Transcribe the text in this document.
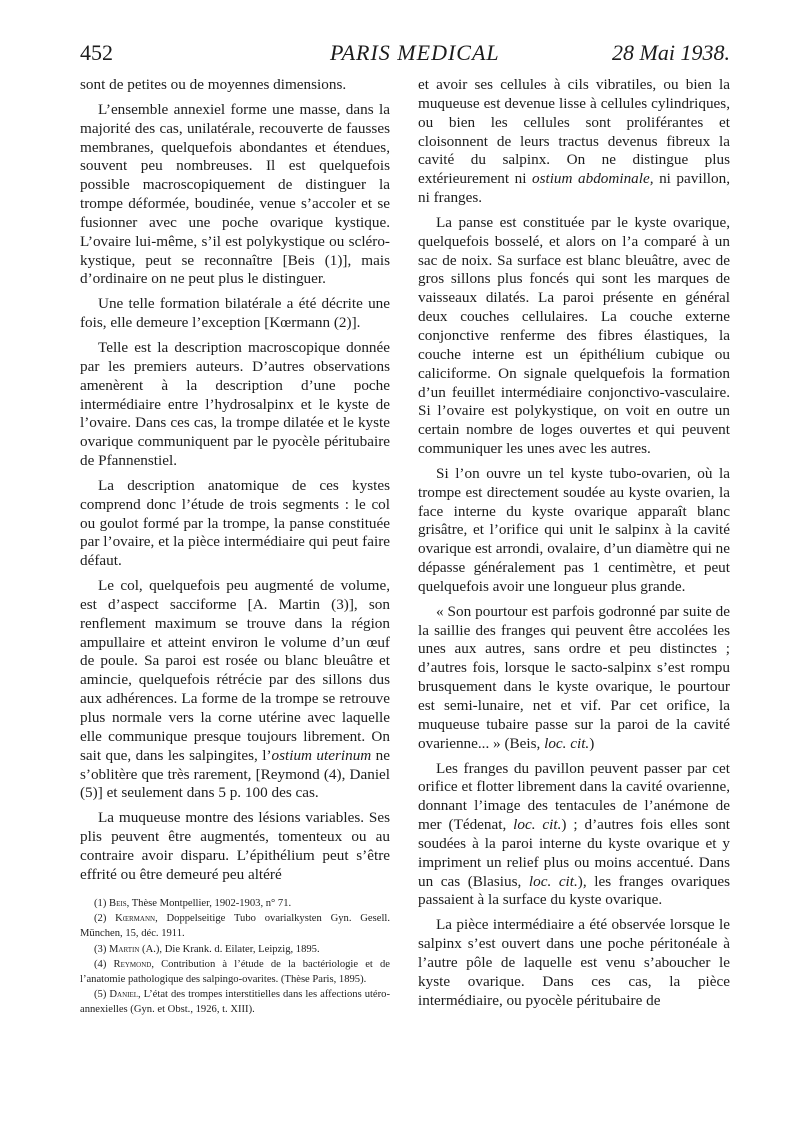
452	PARIS MEDICAL	28 Mai 1938.

sont de petites ou de moyennes dimensions.

L’ensemble annexiel forme une masse, dans la majorité des cas, unilatérale, recouverte de fausses membranes, quelquefois abondantes et étendues, souvent peu nombreuses. Il est quelquefois possible macroscopiquement de distinguer la trompe déformée, boudinée, venue s’accoler et se fusionner avec une poche ovarique kystique. L’ovaire lui-même, s’il est polykystique ou scléro-kystique, peut se reconnaître [Beis (1)], mais d’ordinaire on ne peut plus le distinguer.

Une telle formation bilatérale a été décrite une fois, elle demeure l’exception [Kœrmann (2)].

Telle est la description macroscopique donnée par les premiers auteurs. D’autres observations amenèrent à la description d’une poche intermédiaire entre l’hydrosalpinx et le kyste de l’ovaire. Dans ces cas, la trompe dilatée et le kyste ovarique communiquent par le pyocèle péritubaire de Pfannenstiel.

La description anatomique de ces kystes comprend donc l’étude de trois segments : le col ou goulot formé par la trompe, la panse constituée par l’ovaire, et la pièce intermédiaire qui peut faire défaut.

Le col, quelquefois peu augmenté de volume, est d’aspect sacciforme [A. Martin (3)], son renflement maximum se trouve dans la région ampullaire et atteint environ le volume d’un œuf de poule. Sa paroi est rosée ou blanc bleuâtre et amincie, quelquefois rétrécie par des sillons dus aux adhérences. La forme de la trompe se retrouve plus normale vers la corne utérine avec laquelle elle communique presque toujours librement. On sait que, dans les salpingites, l’ostium uterinum ne s’oblitère que très rarement, [Reymond (4), Daniel (5)] et seulement dans 5 p. 100 des cas.

La muqueuse montre des lésions variables. Ses plis peuvent être augmentés, tomenteux ou au contraire avoir disparu. L’épithélium peut s’être effrité ou être demeuré peu altéré

et avoir ses cellules à cils vibratiles, ou bien la muqueuse est devenue lisse à cellules cylindriques, ou bien les cellules sont proliférantes et cloisonnent de leurs tractus devenus fibreux la cavité du salpinx. On ne distingue plus extérieurement ni ostium abdominale, ni pavillon, ni franges.

La panse est constituée par le kyste ovarique, quelquefois bosselé, et alors on l’a comparé à un sac de noix. Sa surface est blanc bleuâtre, avec de gros sillons plus foncés qui sont les marques de vaisseaux dilatés. La paroi présente en général deux couches cellulaires. La couche externe conjonctive renferme des fibres élastiques, la couche interne est un épithélium cubique ou caliciforme. On signale quelquefois la formation d’un feuillet intermédiaire conjonctivo-vasculaire. Si l’ovaire est polykystique, on voit en outre un certain nombre de loges ouvertes et qui peuvent communiquer les unes avec les autres.

Si l’on ouvre un tel kyste tubo-ovarien, où la trompe est directement soudée au kyste ovarien, la face interne du kyste ovarique apparaît blanc grisâtre, et l’orifice qui unit le salpinx à la cavité ovarique est arrondi, ovalaire, d’un diamètre qui ne dépasse généralement pas 1 centimètre, et peut quelquefois avoir une longueur plus grande.

« Son pourtour est parfois godronné par suite de la saillie des franges qui peuvent être accolées les unes aux autres, sans ordre et peu distinctes ; d’autres fois, lorsque le sacto-salpinx s’est rompu brusquement dans le kyste ovarique, le pourtour est semi-lunaire, net et vif. Par cet orifice, la muqueuse tubaire passe sur la paroi de la cavité ovarienne... » (Beis, loc. cit.)

Les franges du pavillon peuvent passer par cet orifice et flotter librement dans la cavité ovarienne, donnant l’image des tentacules de l’anémone de mer (Tédenat, loc. cit.) ; d’autres fois elles sont soudées à la paroi interne du kyste ovarique et y impriment un relief plus ou moins accentué. Dans un cas (Blasius, loc. cit.), les franges ovariques passaient à la surface du kyste ovarique.

La pièce intermédiaire a été observée lorsque le salpinx s’est ouvert dans une poche péritonéale à l’autre pôle de laquelle est venu s’aboucher le kyste ovarique. Dans ces cas, la pièce intermédiaire, ou pyocèle péritubaire de

(1) Beis, Thèse Montpellier, 1902-1903, n° 71.

(2) Kœrmann, Doppelseitige Tubo ovarialkysten Gyn. Gesell. München, 15, déc. 1911.

(3) Martin (A.), Die Krank. d. Eilater, Leipzig, 1895.

(4) Reymond, Contribution à l’étude de la bactériologie et de l’anatomie pathologique des salpingo-ovarites. (Thèse Paris, 1895).

(5) Daniel, L’état des trompes interstitielles dans les affections utéro-annexielles (Gyn. et Obst., 1926, t. XIII).
